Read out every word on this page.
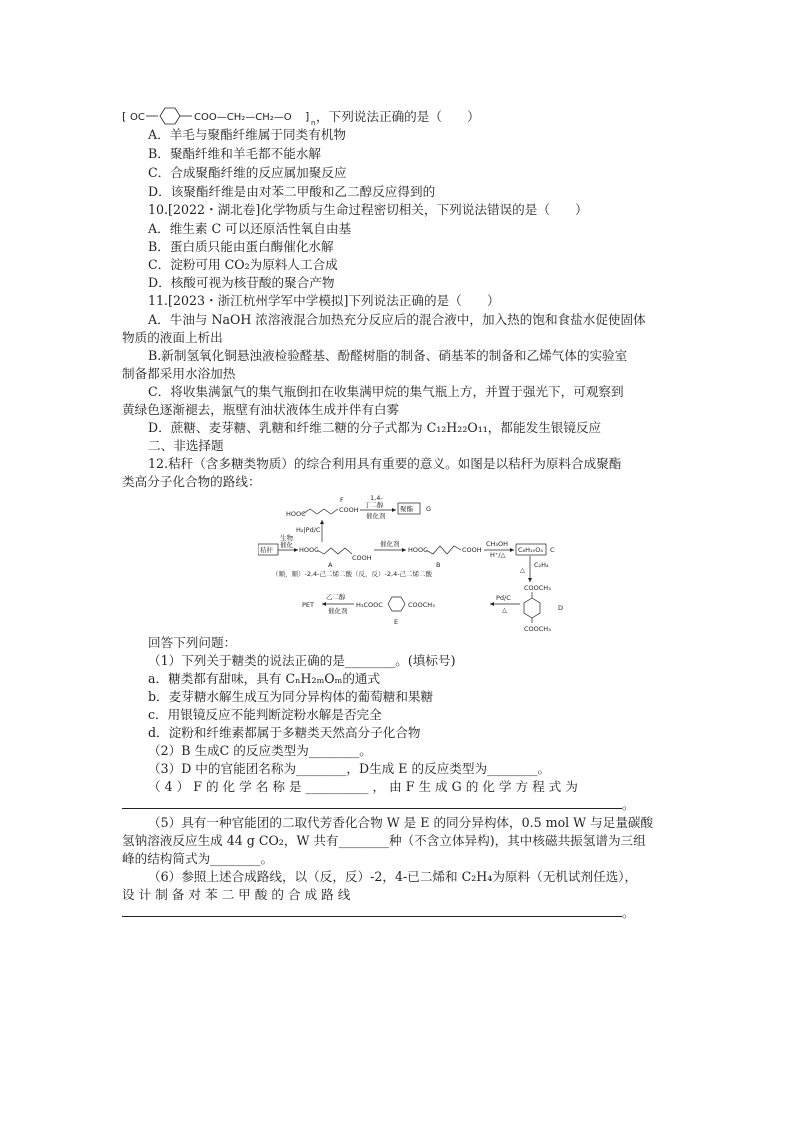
[ OC	COO—CH₂—CH₂—O ] n ，下列说法正确的是（　　）
A．羊毛与聚酯纤维属于同类有机物
B．聚酯纤维和羊毛都不能水解
C．合成聚酯纤维的反应属加聚反应
D．该聚酯纤维是由对苯二甲酸和乙二醇反应得到的
10.[2022・湖北卷]化学物质与生命过程密切相关，下列说法错误的是（　　）
A．维生素 C 可以还原活性氧自由基
B．蛋白质只能由蛋白酶催化水解
C．淀粉可用 CO₂为原料人工合成
D．核酸可视为核苷酸的聚合产物
11.[2023・浙江杭州学军中学模拟]下列说法正确的是（　　）
A．牛油与 NaOH 浓溶液混合加热充分反应后的混合液中，加入热的饱和食盐水促使固体
物质的液面上析出
B.新制氢氧化铜悬浊液检验醛基、酚醛树脂的制备、硝基苯的制备和乙烯气体的实验室
制备都采用水浴加热
C．将收集满氯气的集气瓶倒扣在收集满甲烷的集气瓶上方，并置于强光下，可观察到
黄绿色逐渐褪去，瓶壁有油状液体生成并伴有白雾
D．蔗糖、麦芽糖、乳糖和纤维二糖的分子式都为 C₁₂H₂₂O₁₁，都能发生银镜反应
二、非选择题
12.秸秆（含多糖类物质）的综合利用具有重要的意义。如图是以秸秆为原料合成聚酯
类高分子化合物的路线：
F
HOOC	COOH
1,4-
丁二醇
催化剂
聚酯 G
H₂|Pd/C
秸秆
生物
催化
HOOC
COOH
A
催化剂
HOOC	COOH
B
CH₃OH
H⁺/△
C₈H₁₀O₄ C
（顺，顺）-2,4-己二烯二酸（反，反）-2,4-己二烯二酸
C₂H₄
△
COOCH₃
COOCH₃
D
Pd/C
△
H₃COOC	COOCH₃
E
乙二醇
催化剂
PET
回答下列问题：
（1）下列关于糖类的说法正确的是________。(填标号)
a．糖类都有甜味，具有 CₙH₂ₘOₘ的通式
b．麦芽糖水解生成互为同分异构体的葡萄糖和果糖
c．用银镜反应不能判断淀粉水解是否完全
d．淀粉和纤维素都属于多糖类天然高分子化合物
（2）B 生成C 的反应类型为________。
（3）D 中的官能团名称为________，D生成 E 的反应类型为________。
（ 4 ） F 的 化 学 名 称 是 __________ ， 由 F 生 成 G 的 化 学 方 程 式 为
。
（5）具有一种官能团的二取代芳香化合物 W 是 E 的同分异构体，0.5 mol W 与足量碳酸
氢钠溶液反应生成 44 g CO₂，W 共有________种（不含立体异构)，其中核磁共振氢谱为三组
峰的结构简式为________。
（6）参照上述合成路线，以（反，反）-2，4-已二烯和 C₂H₄为原料（无机试剂任选），
设 计 制 备 对 苯 二 甲 酸 的 合 成 路 线
。
